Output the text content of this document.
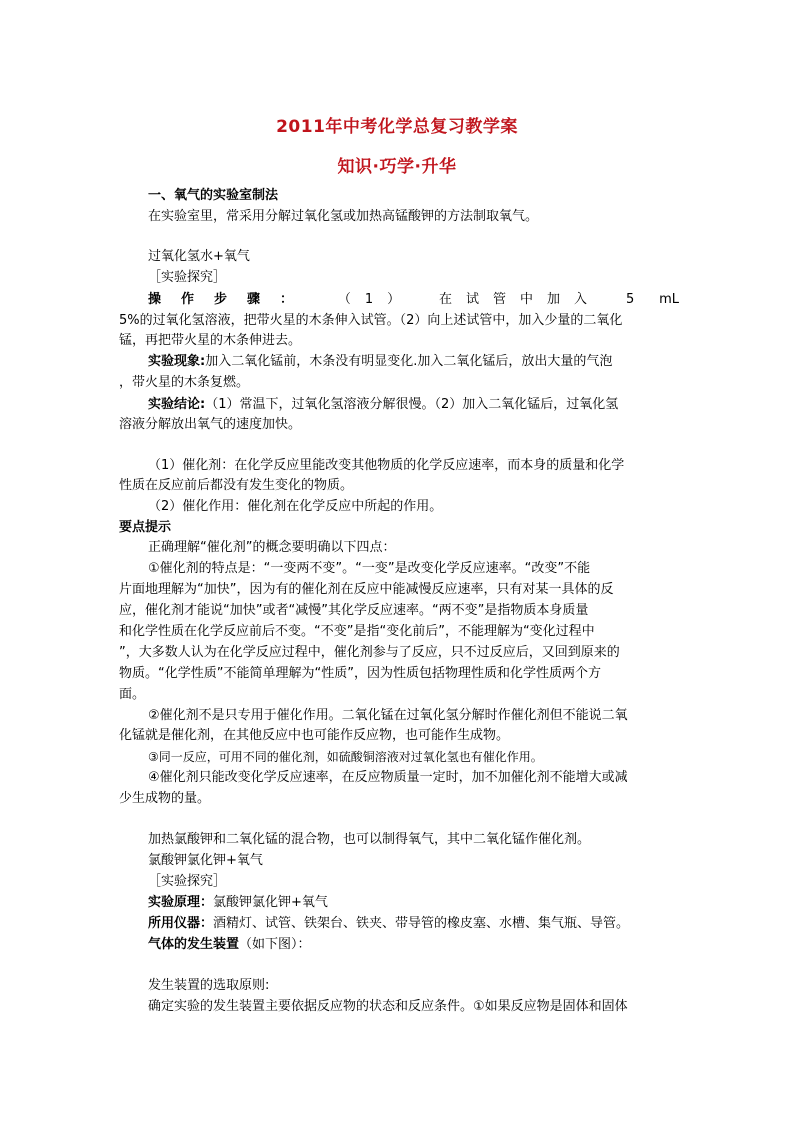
2011年中考化学总复习教学案
知识·巧学·升华
一、氧气的实验室制法
在实验室里，常采用分解过氧化氢或加热高锰酸钾的方法制取氧气。
过氧化氢水+氧气
［实验探究］
操作步骤： （1） 在试管中加入 5 mL
5%的过氧化氢溶液，把带火星的木条伸入试管。（2）向上述试管中，加入少量的二氧化
锰，再把带火星的木条伸进去。
实验现象:加入二氧化锰前，木条没有明显变化.加入二氧化锰后，放出大量的气泡
，带火星的木条复燃。
实验结论:（1）常温下，过氧化氢溶液分解很慢。（2）加入二氧化锰后，过氧化氢
溶液分解放出氧气的速度加快。
（1）催化剂：在化学反应里能改变其他物质的化学反应速率，而本身的质量和化学
性质在反应前后都没有发生变化的物质。
（2）催化作用：催化剂在化学反应中所起的作用。
要点提示
正确理解“催化剂”的概念要明确以下四点：
①催化剂的特点是：“一变两不变”。“一变”是改变化学反应速率。“改变”不能
片面地理解为“加快”，因为有的催化剂在反应中能减慢反应速率，只有对某一具体的反
应，催化剂才能说“加快”或者“减慢”其化学反应速率。“两不变”是指物质本身质量
和化学性质在化学反应前后不变。“不变”是指“变化前后”，不能理解为“变化过程中
”，大多数人认为在化学反应过程中，催化剂参与了反应，只不过反应后，又回到原来的
物质。“化学性质”不能简单理解为“性质”，因为性质包括物理性质和化学性质两个方
面。
②催化剂不是只专用于催化作用。二氧化锰在过氧化氢分解时作催化剂但不能说二氧
化锰就是催化剂，在其他反应中也可能作反应物，也可能作生成物。
③同一反应，可用不同的催化剂，如硫酸铜溶液对过氧化氢也有催化作用。
④催化剂只能改变化学反应速率，在反应物质量一定时，加不加催化剂不能增大或减
少生成物的量。
加热氯酸钾和二氧化锰的混合物，也可以制得氧气，其中二氧化锰作催化剂。
氯酸钾氯化钾+氧气
［实验探究］
实验原理：氯酸钾氯化钾+氧气
所用仪器：酒精灯、试管、铁架台、铁夹、带导管的橡皮塞、水槽、集气瓶、导管。
气体的发生装置（如下图）：
发生装置的选取原则:
确定实验的发生装置主要依据反应物的状态和反应条件。①如果反应物是固体和固体
